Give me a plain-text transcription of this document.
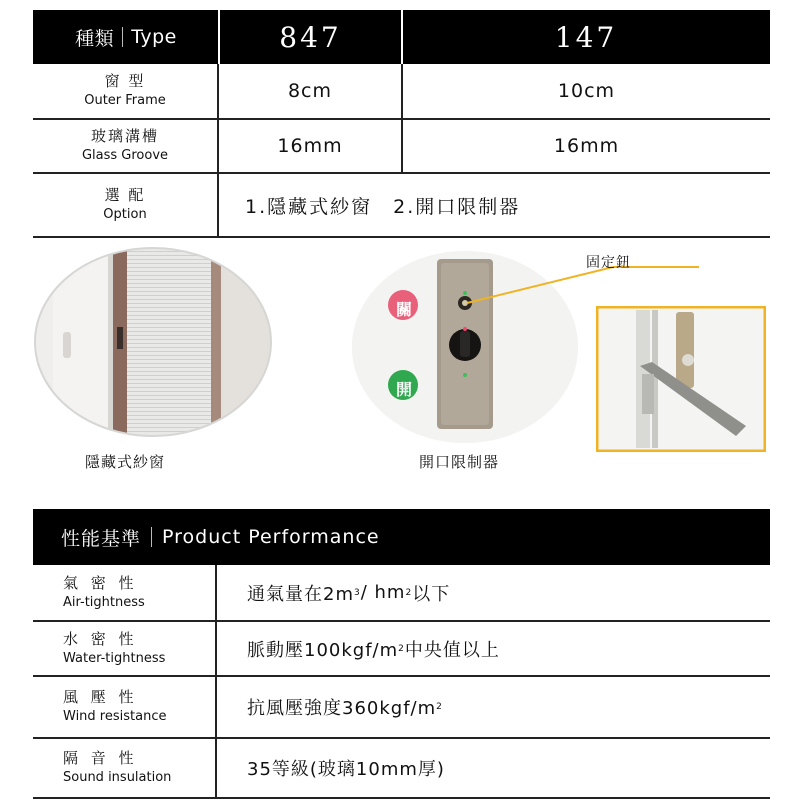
種類 Type	847	147
窗 型
Outer Frame	8cm	10cm
玻璃溝槽
Glass Groove	16mm	16mm
選 配
Option	1.隱藏式紗窗　2.開口限制器
隱藏式紗窗
關
開
開口限制器
固定鈕
性能基準 Product Performance
氣 密 性
Air-tightness	通氣量在2m 3 / hm 2 以下
水 密 性
Water-tightness	脈動壓100kgf/m 2 中央值以上
風 壓 性
Wind resistance	抗風壓強度360kgf/m 2
隔 音 性
Sound insulation	35等級(玻璃10mm厚)
